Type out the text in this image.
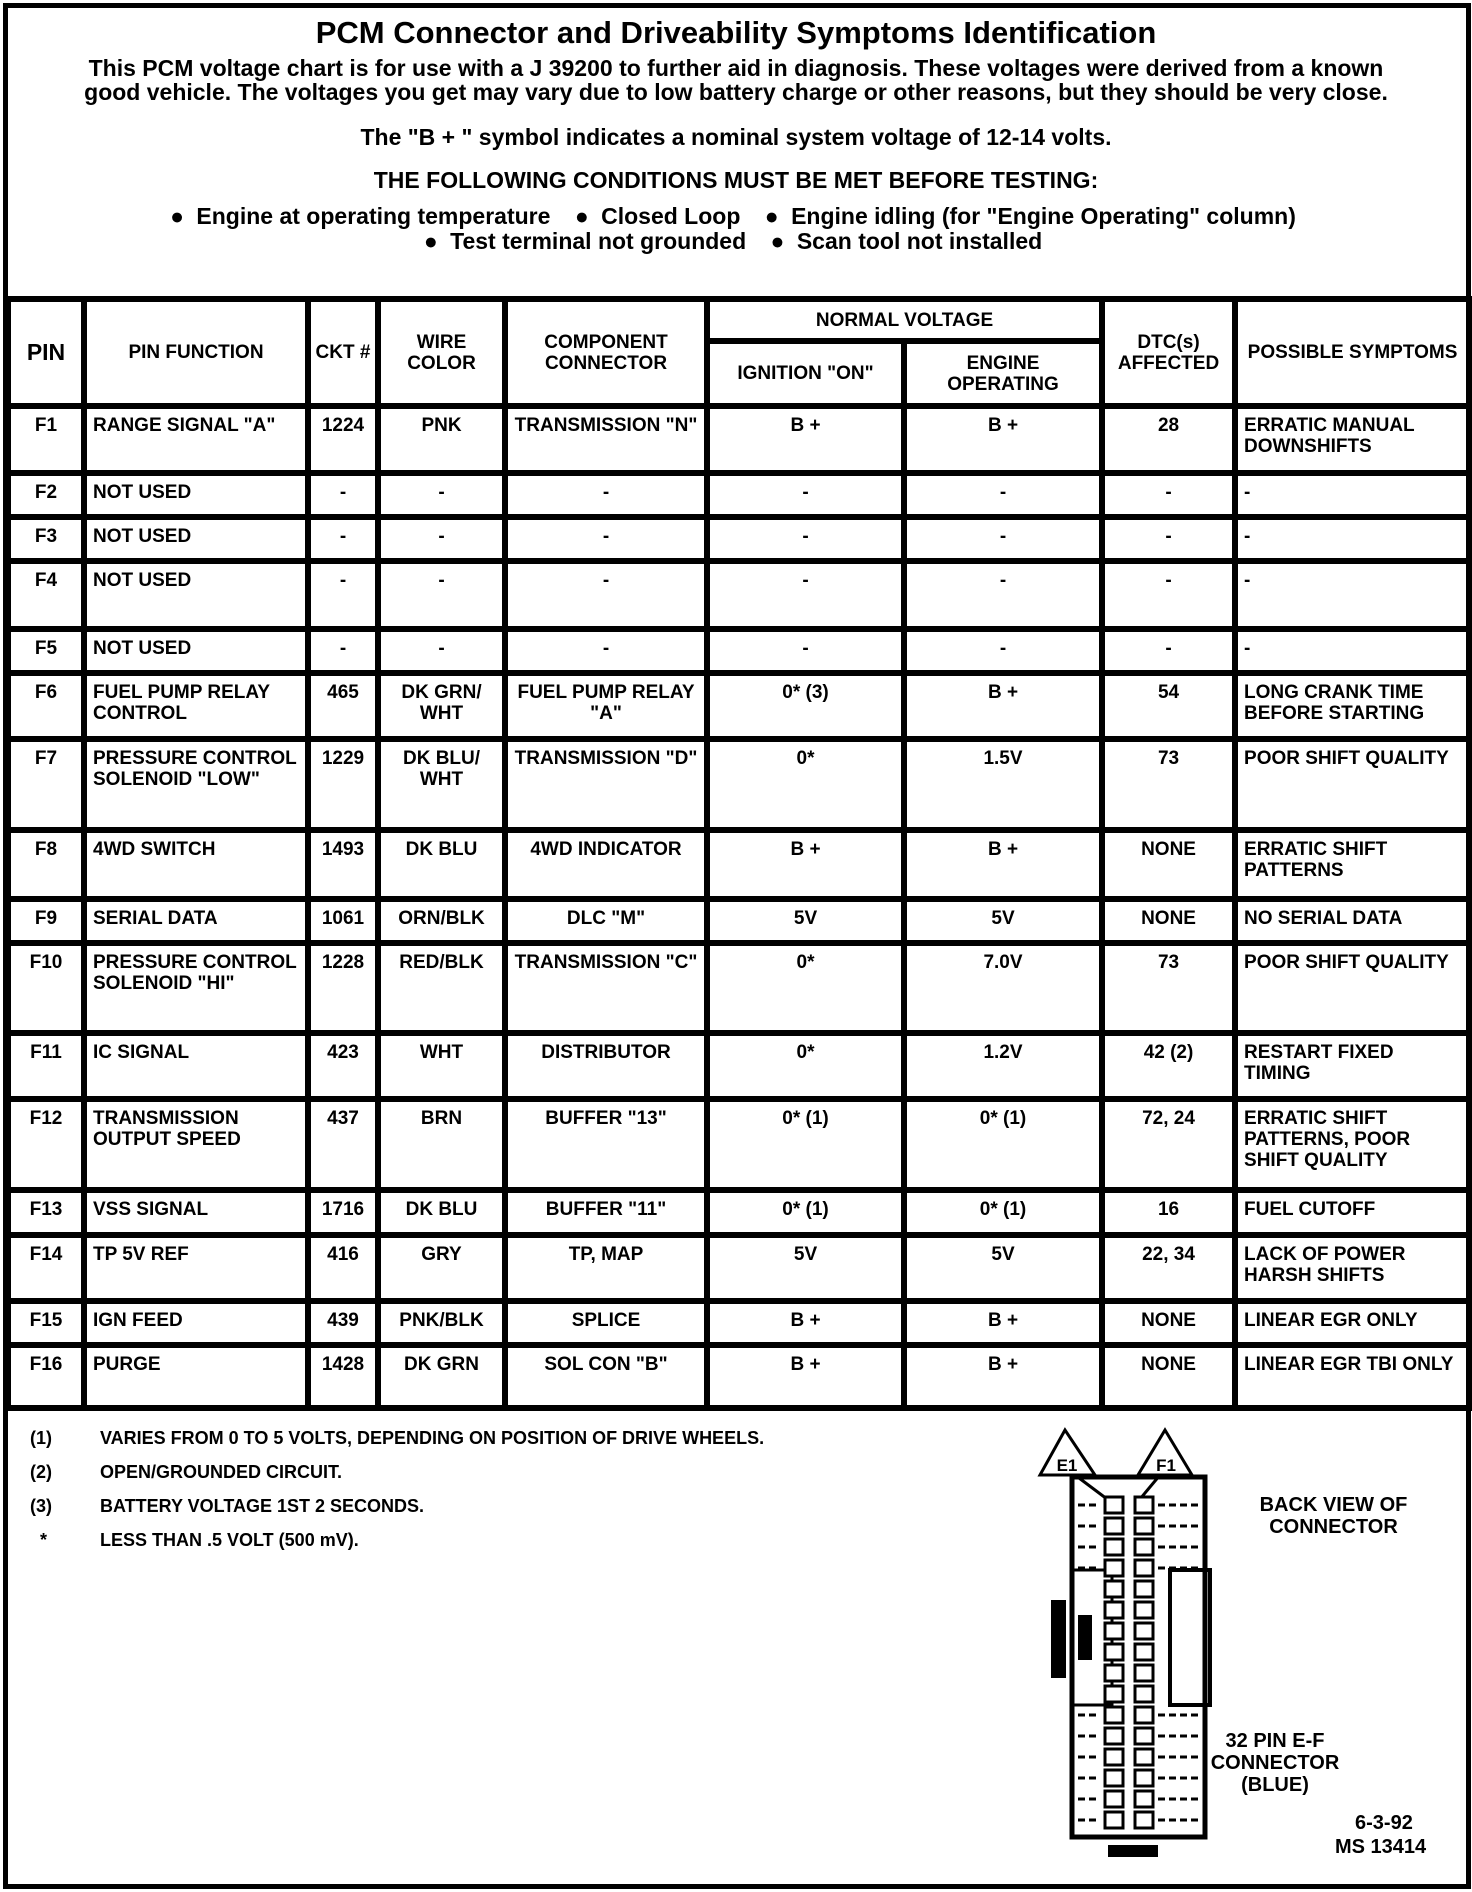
PCM Connector and Driveability Symptoms Identification
This PCM voltage chart is for use with a J 39200 to further aid in diagnosis. These voltages were derived from a known good vehicle. The voltages you get may vary due to low battery charge or other reasons, but they should be very close.
The "B + " symbol indicates a nominal system voltage of 12-14 volts.
THE FOLLOWING CONDITIONS MUST BE MET BEFORE TESTING:
● Engine at operating temperature ● Closed Loop ● Engine idling (for "Engine Operating" column)
● Test terminal not grounded ● Scan tool not installed
PIN	PIN FUNCTION	CKT #	WIRE COLOR	COMPONENT CONNECTOR	NORMAL VOLTAGE		DTC(s) AFFECTED	POSSIBLE SYMPTOMS
					IGNITION "ON"	ENGINE OPERATING		
F1	RANGE SIGNAL "A"	1224	PNK	TRANSMISSION "N"	B +	B +	28	ERRATIC MANUAL DOWNSHIFTS
F2	NOT USED	-	-	-	-	-	-	-
F3	NOT USED	-	-	-	-	-	-	-
F4	NOT USED	-	-	-	-	-	-	-
F5	NOT USED	-	-	-	-	-	-	-
F6	FUEL PUMP RELAY CONTROL	465	DK GRN/ WHT	FUEL PUMP RELAY "A"	0* (3)	B +	54	LONG CRANK TIME BEFORE STARTING
F7	PRESSURE CONTROL SOLENOID "LOW"	1229	DK BLU/ WHT	TRANSMISSION "D"	0*	1.5V	73	POOR SHIFT QUALITY
F8	4WD SWITCH	1493	DK BLU	4WD INDICATOR	B +	B +	NONE	ERRATIC SHIFT PATTERNS
F9	SERIAL DATA	1061	ORN/BLK	DLC "M"	5V	5V	NONE	NO SERIAL DATA
F10	PRESSURE CONTROL SOLENOID "HI"	1228	RED/BLK	TRANSMISSION "C"	0*	7.0V	73	POOR SHIFT QUALITY
F11	IC SIGNAL	423	WHT	DISTRIBUTOR	0*	1.2V	42 (2)	RESTART FIXED TIMING
F12	TRANSMISSION OUTPUT SPEED	437	BRN	BUFFER "13"	0* (1)	0* (1)	72, 24	ERRATIC SHIFT PATTERNS, POOR SHIFT QUALITY
F13	VSS SIGNAL	1716	DK BLU	BUFFER "11"	0* (1)	0* (1)	16	FUEL CUTOFF
F14	TP 5V REF	416	GRY	TP, MAP	5V	5V	22, 34	LACK OF POWER HARSH SHIFTS
F15	IGN FEED	439	PNK/BLK	SPLICE	B +	B +	NONE	LINEAR EGR ONLY
F16	PURGE	1428	DK GRN	SOL CON "B"	B +	B +	NONE	LINEAR EGR TBI ONLY
(1)	VARIES FROM 0 TO 5 VOLTS, DEPENDING ON POSITION OF DRIVE WHEELS.
(2)	OPEN/GROUNDED CIRCUIT.
(3)	BATTERY VOLTAGE 1ST 2 SECONDS.
*	LESS THAN .5 VOLT (500 mV).
E1	F1
BACK VIEW OF CONNECTOR
32 PIN E-F CONNECTOR (BLUE)
6-3-92
MS 13414
